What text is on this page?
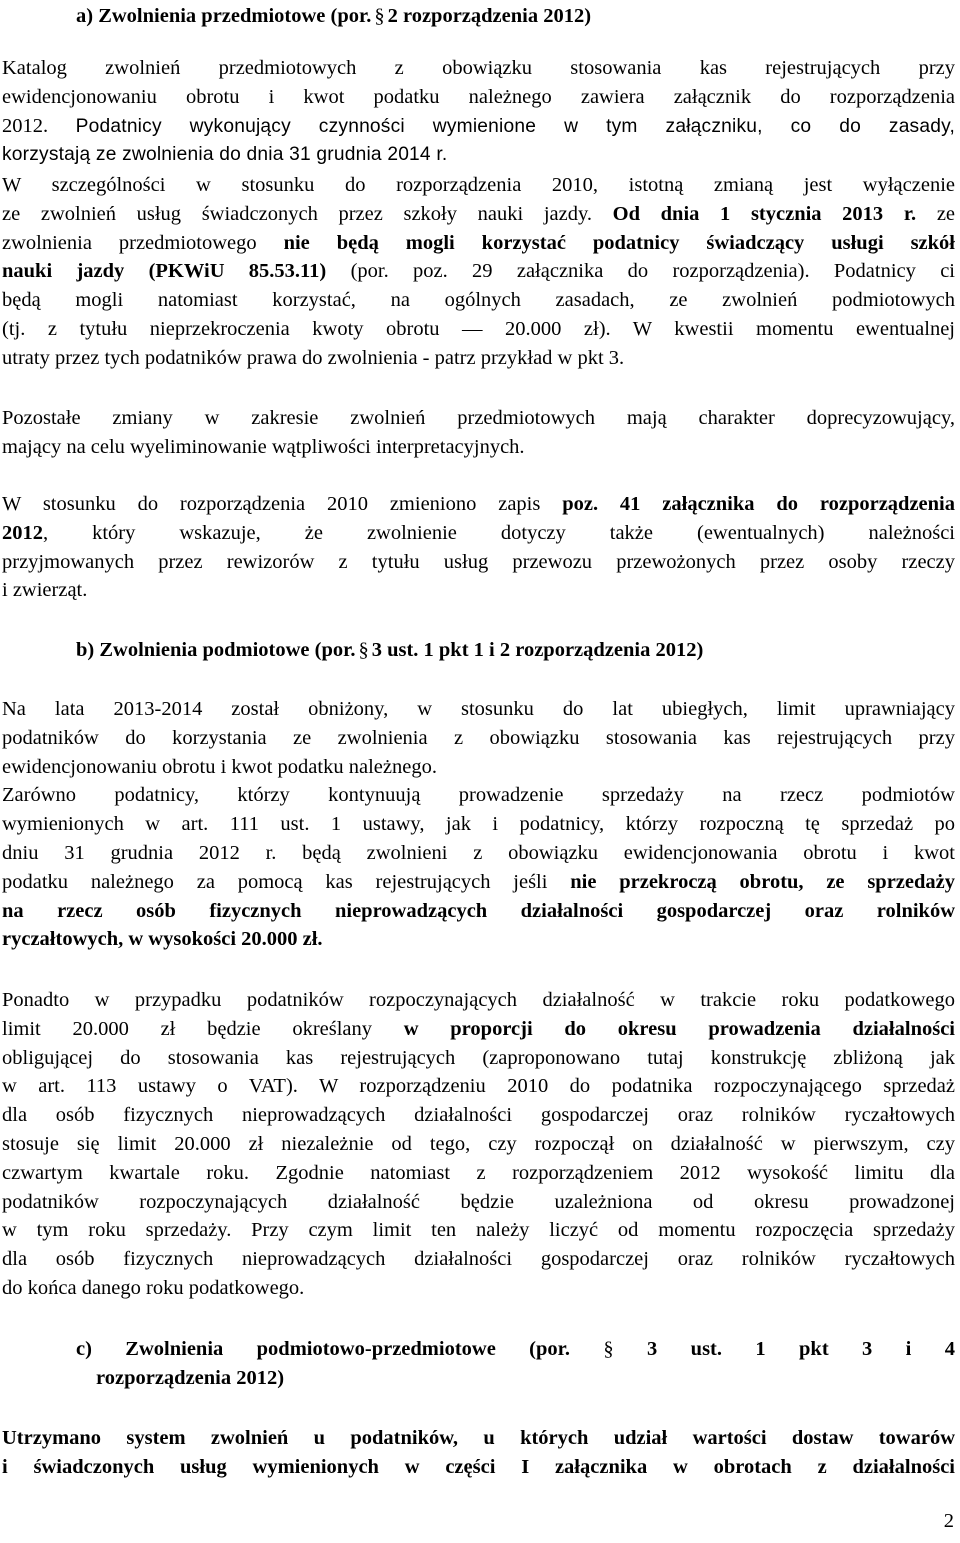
a) Zwolnienia przedmiotowe (por. § 2 rozporządzenia 2012)
Katalog zwolnień przedmiotowych z obowiązku stosowania kas rejestrujących przy
ewidencjonowaniu obrotu i kwot podatku należnego zawiera załącznik do rozporządzenia
2012. Podatnicy wykonujący czynności wymienione w tym załączniku, co do zasady,
korzystają ze zwolnienia do dnia 31 grudnia 2014 r.
W szczególności w stosunku do rozporządzenia 2010, istotną zmianą jest wyłączenie
ze zwolnień usług świadczonych przez szkoły nauki jazdy. Od dnia 1 stycznia 2013 r. ze
zwolnienia przedmiotowego nie będą mogli korzystać podatnicy świadczący usługi szkół
nauki jazdy (PKWiU 85.53.11) (por. poz. 29 załącznika do rozporządzenia). Podatnicy ci
będą mogli natomiast korzystać, na ogólnych zasadach, ze zwolnień podmiotowych
(tj. z tytułu nieprzekroczenia kwoty obrotu — 20.000 zł). W kwestii momentu ewentualnej
utraty przez tych podatników prawa do zwolnienia - patrz przykład w pkt 3.
Pozostałe zmiany w zakresie zwolnień przedmiotowych mają charakter doprecyzowujący,
mający na celu wyeliminowanie wątpliwości interpretacyjnych.
W stosunku do rozporządzenia 2010 zmieniono zapis poz. 41 załącznika do rozporządzenia
2012, który wskazuje, że zwolnienie dotyczy także (ewentualnych) należności
przyjmowanych przez rewizorów z tytułu usług przewozu przewożonych przez osoby rzeczy
i zwierząt.
b) Zwolnienia podmiotowe (por. § 3 ust. 1 pkt 1 i 2 rozporządzenia 2012)
Na lata 2013-2014 został obniżony, w stosunku do lat ubiegłych, limit uprawniający
podatników do korzystania ze zwolnienia z obowiązku stosowania kas rejestrujących przy
ewidencjonowaniu obrotu i kwot podatku należnego.
Zarówno podatnicy, którzy kontynuują prowadzenie sprzedaży na rzecz podmiotów
wymienionych w art. 111 ust. 1 ustawy, jak i podatnicy, którzy rozpoczną tę sprzedaż po
dniu 31 grudnia 2012 r. będą zwolnieni z obowiązku ewidencjonowania obrotu i kwot
podatku należnego za pomocą kas rejestrujących jeśli nie przekroczą obrotu, ze sprzedaży
na rzecz osób fizycznych nieprowadzących działalności gospodarczej oraz rolników
ryczałtowych, w wysokości 20.000 zł.
Ponadto w przypadku podatników rozpoczynających działalność w trakcie roku podatkowego
limit 20.000 zł będzie określany w proporcji do okresu prowadzenia działalności
obligującej do stosowania kas rejestrujących (zaproponowano tutaj konstrukcję zbliżoną jak
w art. 113 ustawy o VAT). W rozporządzeniu 2010 do podatnika rozpoczynającego sprzedaż
dla osób fizycznych nieprowadzących działalności gospodarczej oraz rolników ryczałtowych
stosuje się limit 20.000 zł niezależnie od tego, czy rozpoczął on działalność w pierwszym, czy
czwartym kwartale roku. Zgodnie natomiast z rozporządzeniem 2012 wysokość limitu dla
podatników rozpoczynających działalność będzie uzależniona od okresu prowadzonej
w tym roku sprzedaży. Przy czym limit ten należy liczyć od momentu rozpoczęcia sprzedaży
dla osób fizycznych nieprowadzących działalności gospodarczej oraz rolników ryczałtowych
do końca danego roku podatkowego.
c) Zwolnienia podmiotowo-przedmiotowe (por. § 3 ust. 1 pkt 3 i 4
rozporządzenia 2012)
Utrzymano system zwolnień u podatników, u których udział wartości dostaw towarów
i świadczonych usług wymienionych w części I załącznika w obrotach z działalności
2
